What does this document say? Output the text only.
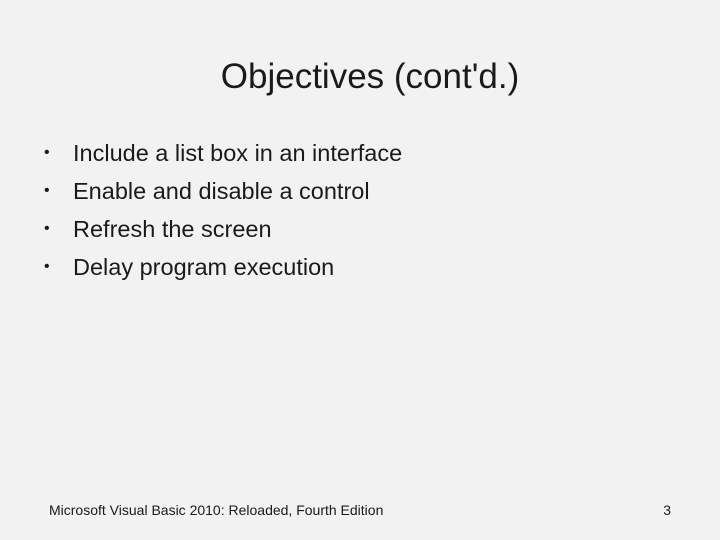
Objectives (cont'd.)
• Include a list box in an interface
• Enable and disable a control
• Refresh the screen
• Delay program execution
Microsoft Visual Basic 2010: Reloaded, Fourth Edition	3
